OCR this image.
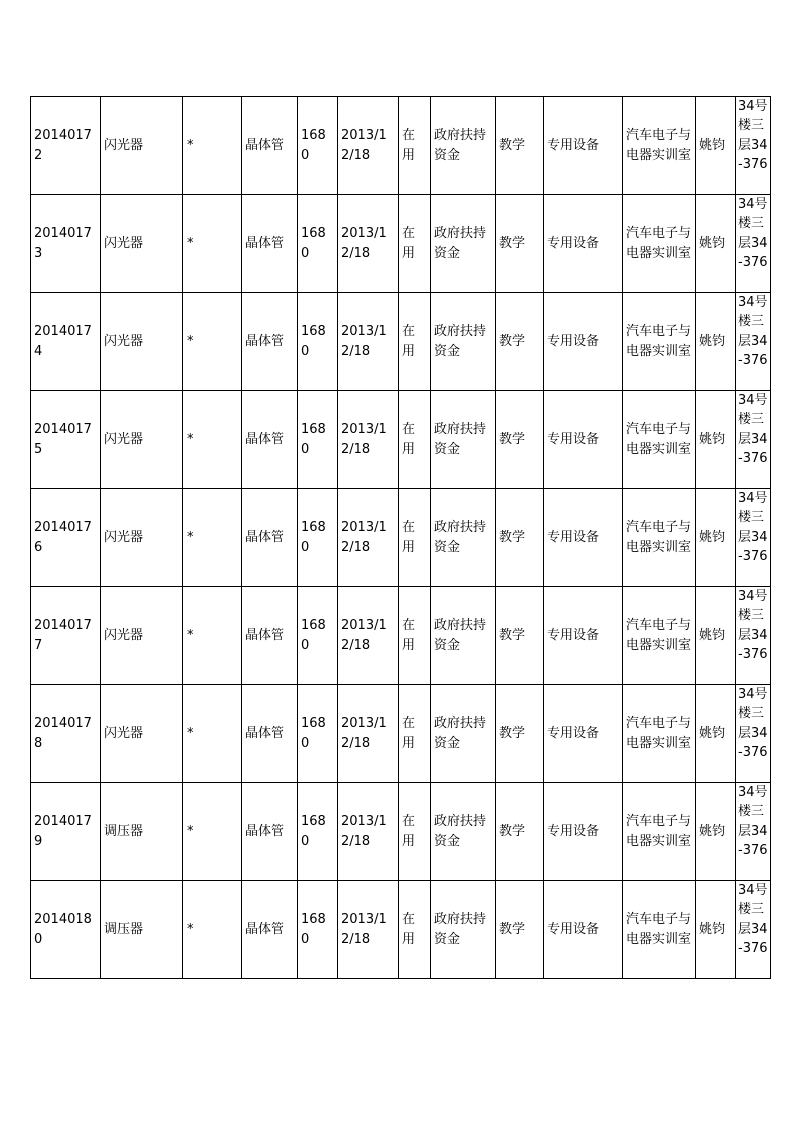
20140172	闪光器	*	晶体管	1680	2013/12/18	在用	政府扶持资金	教学	专用设备	汽车电子与电器实训室	姚钧	34号楼三层34-376
20140173	闪光器	*	晶体管	1680	2013/12/18	在用	政府扶持资金	教学	专用设备	汽车电子与电器实训室	姚钧	34号楼三层34-376
20140174	闪光器	*	晶体管	1680	2013/12/18	在用	政府扶持资金	教学	专用设备	汽车电子与电器实训室	姚钧	34号楼三层34-376
20140175	闪光器	*	晶体管	1680	2013/12/18	在用	政府扶持资金	教学	专用设备	汽车电子与电器实训室	姚钧	34号楼三层34-376
20140176	闪光器	*	晶体管	1680	2013/12/18	在用	政府扶持资金	教学	专用设备	汽车电子与电器实训室	姚钧	34号楼三层34-376
20140177	闪光器	*	晶体管	1680	2013/12/18	在用	政府扶持资金	教学	专用设备	汽车电子与电器实训室	姚钧	34号楼三层34-376
20140178	闪光器	*	晶体管	1680	2013/12/18	在用	政府扶持资金	教学	专用设备	汽车电子与电器实训室	姚钧	34号楼三层34-376
20140179	调压器	*	晶体管	1680	2013/12/18	在用	政府扶持资金	教学	专用设备	汽车电子与电器实训室	姚钧	34号楼三层34-376
20140180	调压器	*	晶体管	1680	2013/12/18	在用	政府扶持资金	教学	专用设备	汽车电子与电器实训室	姚钧	34号楼三层34-376
